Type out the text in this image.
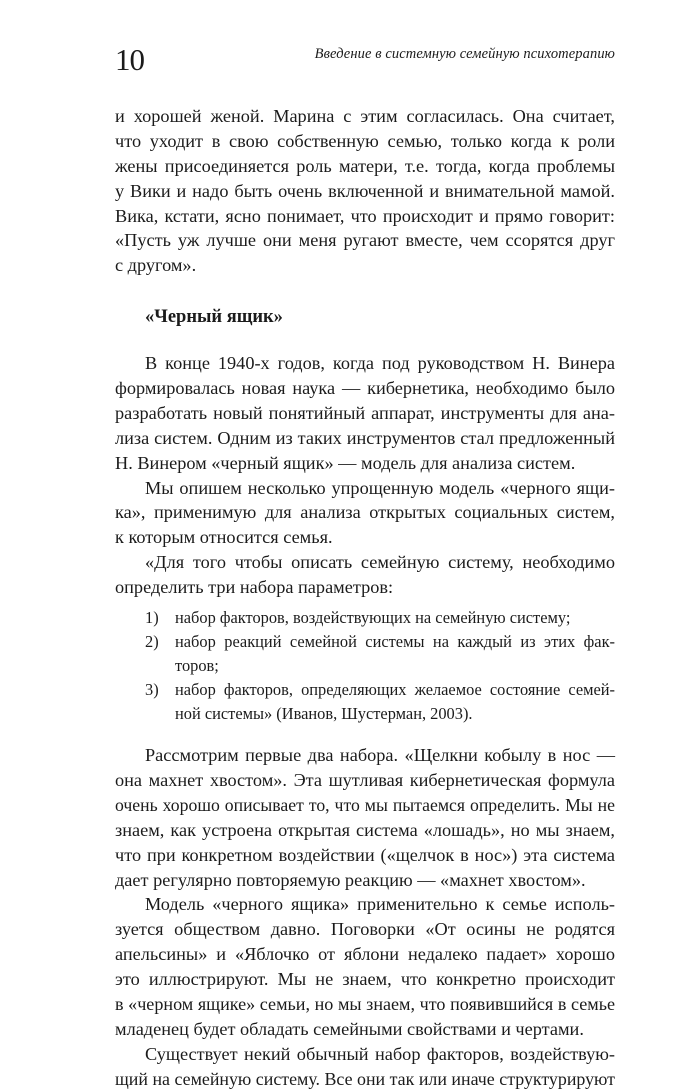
10	Введение в системную семейную психотерапию
и хорошей женой. Марина с этим согласилась. Она считает,
что уходит в свою собственную семью, только когда к роли
жены присоединяется роль матери, т.е. тогда, когда проблемы
у Вики и надо быть очень включенной и внимательной мамой.
Вика, кстати, ясно понимает, что происходит и прямо говорит:
«Пусть уж лучше они меня ругают вместе, чем ссорятся друг
с другом».
«Черный ящик»
В конце 1940-х годов, когда под руководством Н. Винера
формировалась новая наука — кибернетика, необходимо было
разработать новый понятийный аппарат, инструменты для ана-
лиза систем. Одним из таких инструментов стал предложенный
Н. Винером «черный ящик» — модель для анализа систем.
Мы опишем несколько упрощенную модель «черного ящи-
ка», применимую для анализа открытых социальных систем,
к которым относится семья.
«Для того чтобы описать семейную систему, необходимо
определить три набора параметров:
1) набор факторов, воздействующих на семейную систему;
2) набор реакций семейной системы на каждый из этих фак-
торов;
3) набор факторов, определяющих желаемое состояние семей-
ной системы» (Иванов, Шустерман, 2003).
Рассмотрим первые два набора. «Щелкни кобылу в нос —
она махнет хвостом». Эта шутливая кибернетическая формула
очень хорошо описывает то, что мы пытаемся определить. Мы не
знаем, как устроена открытая система «лошадь», но мы знаем,
что при конкретном воздействии («щелчок в нос») эта система
дает регулярно повторяемую реакцию — «махнет хвостом».
Модель «черного ящика» применительно к семье исполь-
зуется обществом давно. Поговорки «От осины не родятся
апельсины» и «Яблочко от яблони недалеко падает» хорошо
это иллюстрируют. Мы не знаем, что конкретно происходит
в «черном ящике» семьи, но мы знаем, что появившийся в семье
младенец будет обладать семейными свойствами и чертами.
Существует некий обычный набор факторов, воздействую-
щий на семейную систему. Все они так или иначе структурируют
